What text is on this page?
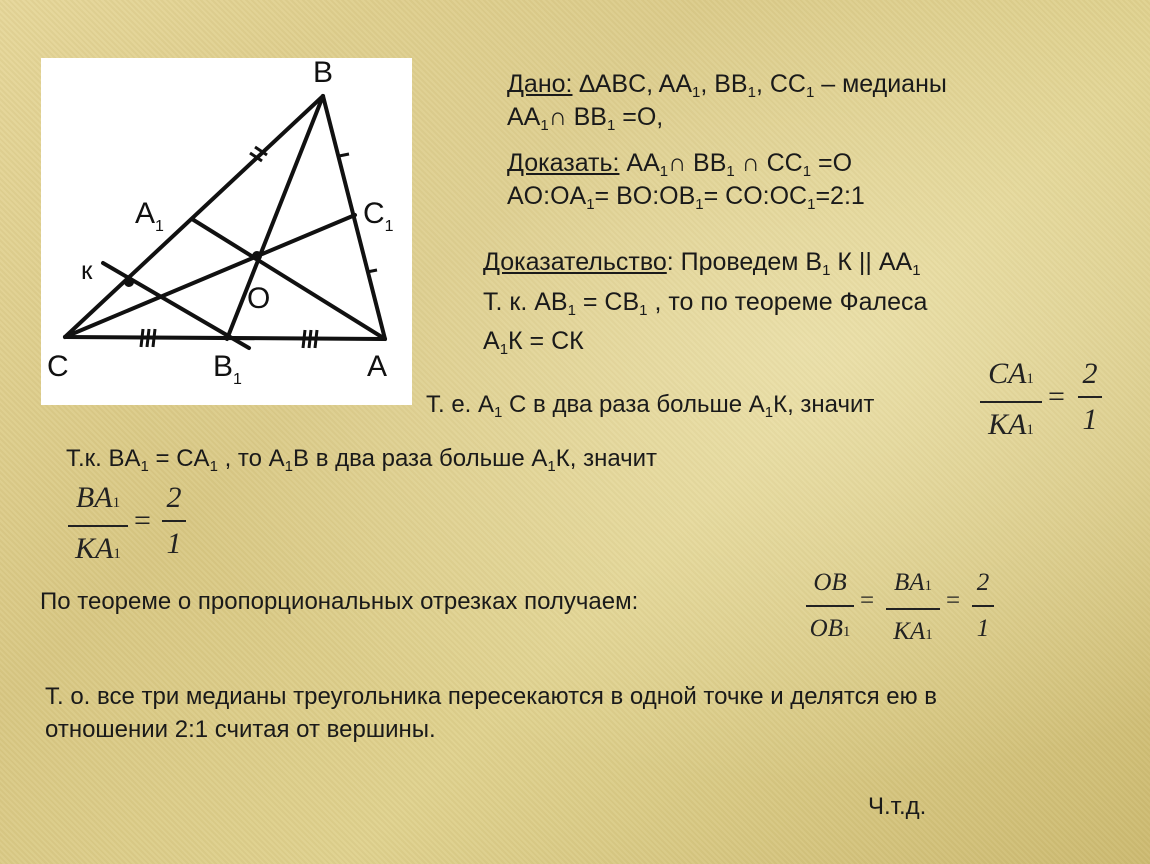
B
$A_1$	$C_1$
к
O
C	$B_1$	A
Дано: ∆ABC, $AA_1$, $BB_1$, $CC_1$ – медианы
$AA_1\cap$ $BB_1 =O$,
Доказать: $AA_1\cap$ $BB_1$ ∩ $CC_1 =O$
$AO:OA_1=$ $BO:OB_1=$ $CO:OC_1=2:1$
Доказательство: Проведем $B_1$ К || $AA_1$
Т. к. $AB_1 = CB_1$ , то по теореме Фалеса
$A_1К$ = CК
Т. е. $A_1$ C в два раза больше $A_1К$, значит
CA1
KA1
=
2
1
Т.к. $BA_1 = CA_1$ , то $A_1B$ в два раза больше $A_1К$, значит
BA1
KA1
=
2
1
По теореме о пропорциональных отрезках получаем:
OB
OB1
=
BA1
KA1
=
2
1
Т. о. все три медианы треугольника пересекаются в одной точке и делятся ею в
отношении 2:1 считая от вершины.
Ч.т.д.
